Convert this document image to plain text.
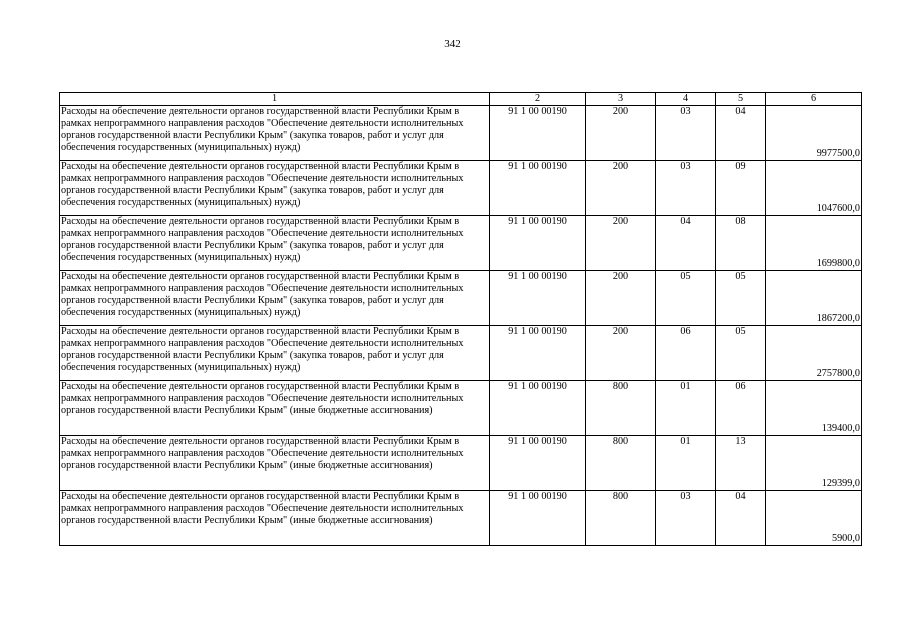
342
1	2	3	4	5	6
Расходы на обеспечение деятельности органов государственной власти Республики Крым в рамках непрограммного направления расходов "Обеспечение деятельности исполнительных органов государственной власти Республики Крым" (закупка товаров, работ и услуг для обеспечения государственных (муниципальных) нужд)	91 1 00 00190	200	03	04	9977500,0
Расходы на обеспечение деятельности органов государственной власти Республики Крым в рамках непрограммного направления расходов "Обеспечение деятельности исполнительных органов государственной власти Республики Крым" (закупка товаров, работ и услуг для обеспечения государственных (муниципальных) нужд)	91 1 00 00190	200	03	09	1047600,0
Расходы на обеспечение деятельности органов государственной власти Республики Крым в рамках непрограммного направления расходов "Обеспечение деятельности исполнительных органов государственной власти Республики Крым" (закупка товаров, работ и услуг для обеспечения государственных (муниципальных) нужд)	91 1 00 00190	200	04	08	1699800,0
Расходы на обеспечение деятельности органов государственной власти Республики Крым в рамках непрограммного направления расходов "Обеспечение деятельности исполнительных органов государственной власти Республики Крым" (закупка товаров, работ и услуг для обеспечения государственных (муниципальных) нужд)	91 1 00 00190	200	05	05	1867200,0
Расходы на обеспечение деятельности органов государственной власти Республики Крым в рамках непрограммного направления расходов "Обеспечение деятельности исполнительных органов государственной власти Республики Крым" (закупка товаров, работ и услуг для обеспечения государственных (муниципальных) нужд)	91 1 00 00190	200	06	05	2757800,0
Расходы на обеспечение деятельности органов государственной власти Республики Крым в рамках непрограммного направления расходов "Обеспечение деятельности исполнительных органов государственной власти Республики Крым" (иные бюджетные ассигнования)	91 1 00 00190	800	01	06	139400,0
Расходы на обеспечение деятельности органов государственной власти Республики Крым в рамках непрограммного направления расходов "Обеспечение деятельности исполнительных органов государственной власти Республики Крым" (иные бюджетные ассигнования)	91 1 00 00190	800	01	13	129399,0
Расходы на обеспечение деятельности органов государственной власти Республики Крым в рамках непрограммного направления расходов "Обеспечение деятельности исполнительных органов государственной власти Республики Крым" (иные бюджетные ассигнования)	91 1 00 00190	800	03	04	5900,0
